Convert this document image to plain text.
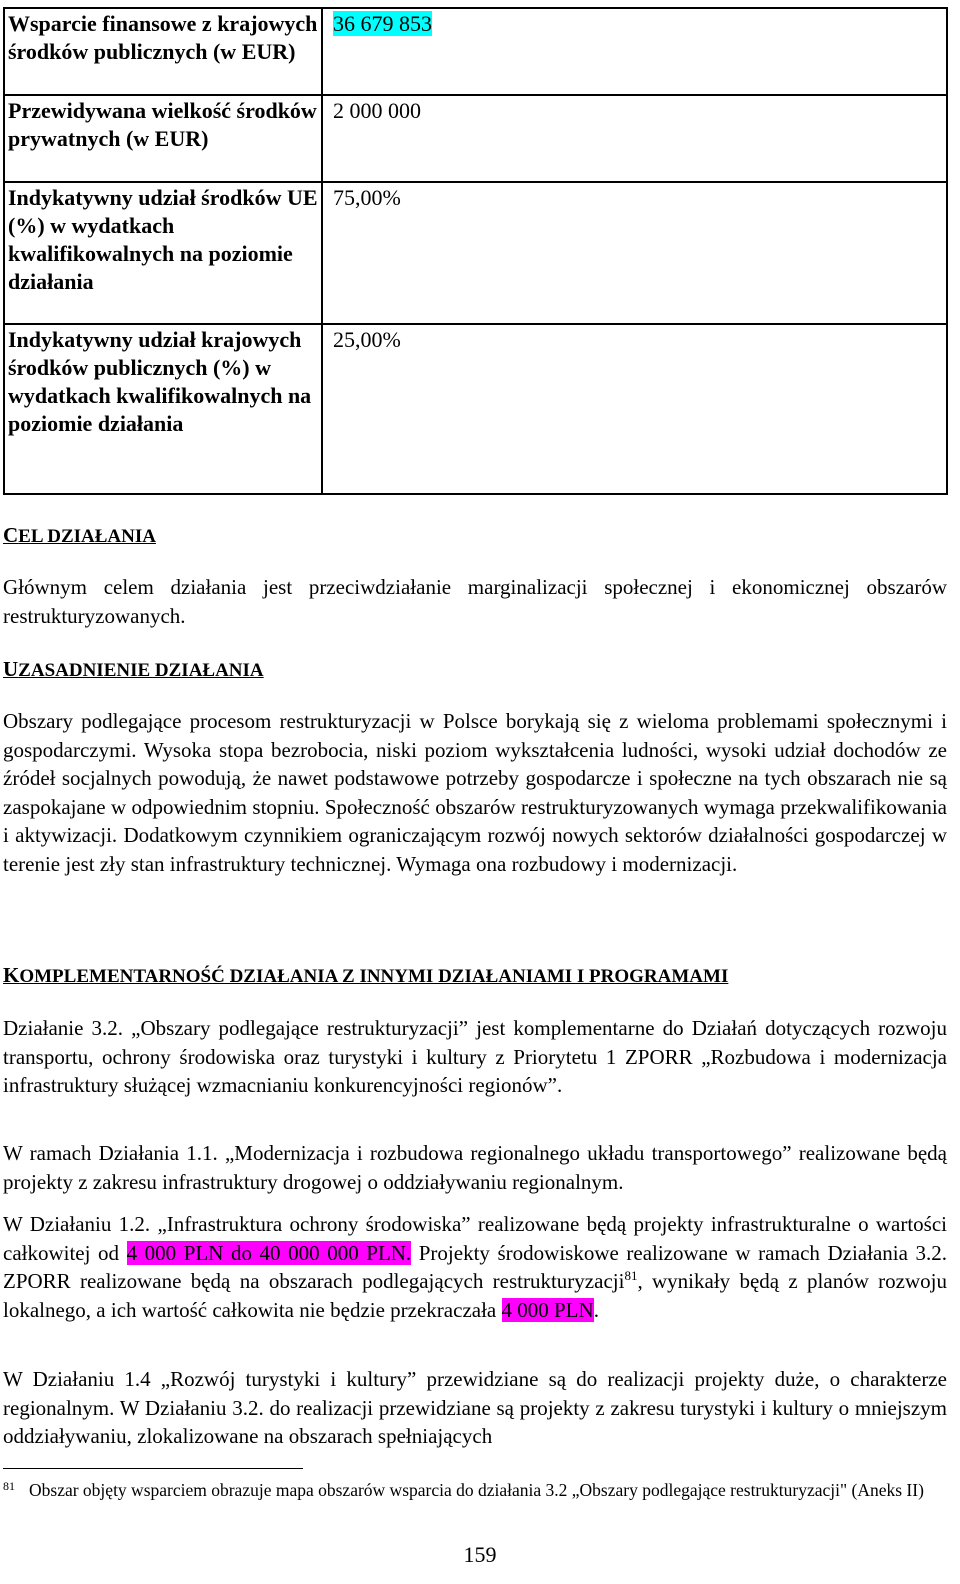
Wsparcie finansowe z krajowych środków publicznych (w EUR)	36 679 853
Przewidywana wielkość środków prywatnych (w EUR)	2 000 000
Indykatywny udział środków UE (%) w wydatkach kwalifikowalnych na poziomie działania	75,00%
Indykatywny udział krajowych środków publicznych (%) w wydatkach kwalifikowalnych na poziomie działania	25,00%
CEL DZIAŁANIA
Głównym celem działania jest przeciwdziałanie marginalizacji społecznej i ekonomicznej obszarów restrukturyzowanych.
UZASADNIENIE DZIAŁANIA
Obszary podlegające procesom restrukturyzacji w Polsce borykają się z wieloma problemami społecznymi i gospodarczymi. Wysoka stopa bezrobocia, niski poziom wykształcenia ludności, wysoki udział dochodów ze źródeł socjalnych powodują, że nawet podstawowe potrzeby gospodarcze i społeczne na tych obszarach nie są zaspokajane w odpowiednim stopniu. Społeczność obszarów restrukturyzowanych wymaga przekwalifikowania i aktywizacji. Dodatkowym czynnikiem ograniczającym rozwój nowych sektorów działalności gospodarczej w terenie jest zły stan infrastruktury technicznej. Wymaga ona rozbudowy i modernizacji.
KOMPLEMENTARNOŚĆ DZIAŁANIA Z INNYMI DZIAŁANIAMI I PROGRAMAMI
Działanie 3.2. „Obszary podlegające restrukturyzacji” jest komplementarne do Działań dotyczących rozwoju transportu, ochrony środowiska oraz turystyki i kultury z Priorytetu 1 ZPORR „Rozbudowa i modernizacja infrastruktury służącej wzmacnianiu konkurencyjności regionów”.
W ramach Działania 1.1. „Modernizacja i rozbudowa regionalnego układu transportowego” realizowane będą projekty z zakresu infrastruktury drogowej o oddziaływaniu regionalnym.
W Działaniu 1.2. „Infrastruktura ochrony środowiska” realizowane będą projekty infrastrukturalne o wartości całkowitej od 4 000 PLN do 40 000 000 PLN. Projekty środowiskowe realizowane w ramach Działania 3.2. ZPORR realizowane będą na obszarach podlegających restrukturyzacji$^{81}$, wynikały będą z planów rozwoju lokalnego, a ich wartość całkowita nie będzie przekraczała 4 000 PLN.
W Działaniu 1.4 „Rozwój turystyki i kultury” przewidziane są do realizacji projekty duże, o charakterze regionalnym. W Działaniu 3.2. do realizacji przewidziane są projekty z zakresu turystyki i kultury o mniejszym oddziaływaniu, zlokalizowane na obszarach spełniających
$^{81}$ Obszar objęty wsparciem obrazuje mapa obszarów wsparcia do działania 3.2 „Obszary podlegające restrukturyzacji" (Aneks II)
159
